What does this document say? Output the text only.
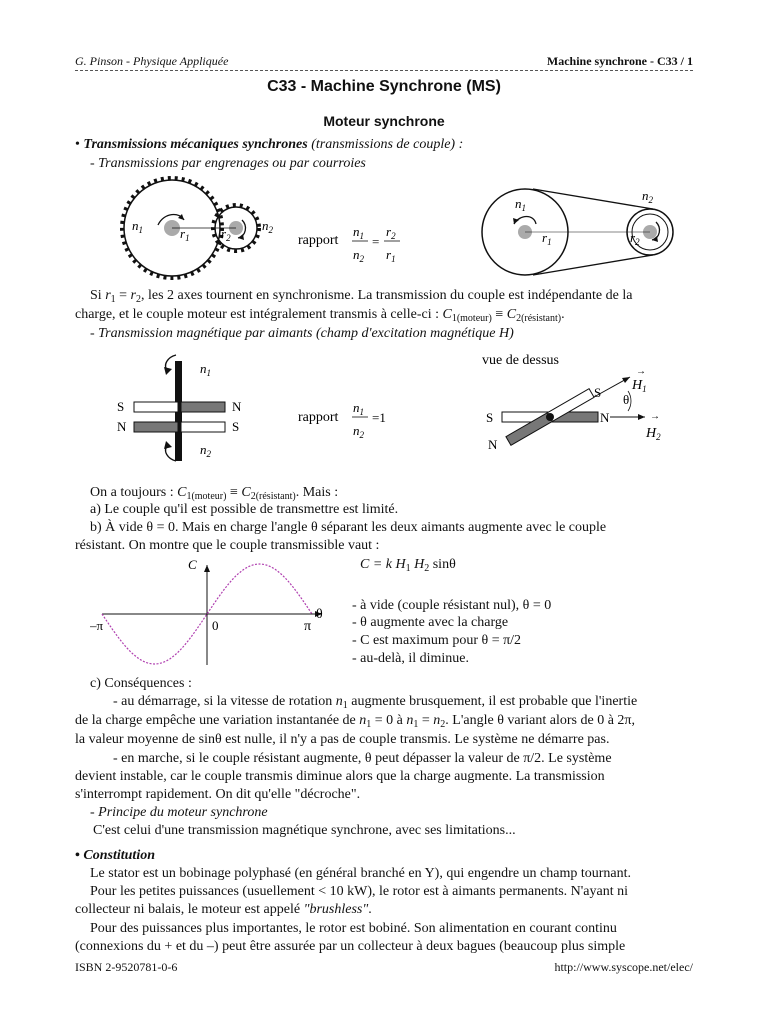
G. Pinson - Physique Appliquée	Machine synchrone - C33 / 1
C33 - Machine Synchrone (MS)
Moteur synchrone
• Transmissions mécaniques synchrones (transmissions de couple) :
- Transmissions par engrenages ou par courroies
$n_1$	$r_1$ $r_2$
$n_2$
rapport
$n_1$
$n_2$
=
$r_2$
$r_1$
$n_1$
$r_1$
$n_2$
$r_2$
Si $r_1 = r_2$, les 2 axes tournent en synchronisme. La transmission du couple est indépendante de la
charge, et le couple moteur est intégralement transmis à celle-ci : $C_{1(moteur)} \equiv C_{2(résistant)}$.
- Transmission magnétique par aimants (champ d'excitation magnétique H)
$n_1$
$n_2$
S	N
N	S
rapport
$n_1$
$n_2$
=1
vue de dessus
S	N
S
N
θ
→
$H_1$
→
$H_2$
On a toujours : $C_{1(moteur)} \equiv C_{2(résistant)}$. Mais :
a) Le couple qu'il est possible de transmettre est limité.
b) À vide θ = 0. Mais en charge l'angle θ séparant les deux aimants augmente avec le couple
résistant. On montre que le couple transmissible vaut :
C
θ
–π	0	π
C = k $H_1$ $H_2$ sinθ
- à vide (couple résistant nul), θ = 0
- θ augmente avec la charge
- C est maximum pour θ = π/2
- au-delà, il diminue.
c) Conséquences :
- au démarrage, si la vitesse de rotation $n_1$ augmente brusquement, il est probable que l'inertie
de la charge empêche une variation instantanée de $n_1 = 0$ à $n_1 = n_2$. L'angle θ variant alors de 0 à 2π,
la valeur moyenne de sinθ est nulle, il n'y a pas de couple transmis. Le système ne démarre pas.
- en marche, si le couple résistant augmente, θ peut dépasser la valeur de π/2. Le système
devient instable, car le couple transmis diminue alors que la charge augmente. La transmission
s'interrompt rapidement. On dit qu'elle "décroche".
- Principe du moteur synchrone
C'est celui d'une transmission magnétique synchrone, avec ses limitations...
• Constitution
Le stator est un bobinage polyphasé (en général branché en Y), qui engendre un champ tournant.
Pour les petites puissances (usuellement < 10 kW), le rotor est à aimants permanents. N'ayant ni
collecteur ni balais, le moteur est appelé "brushless".
Pour des puissances plus importantes, le rotor est bobiné. Son alimentation en courant continu
(connexions du + et du –) peut être assurée par un collecteur à deux bagues (beaucoup plus simple
ISBN 2-9520781-0-6	http://www.syscope.net/elec/
